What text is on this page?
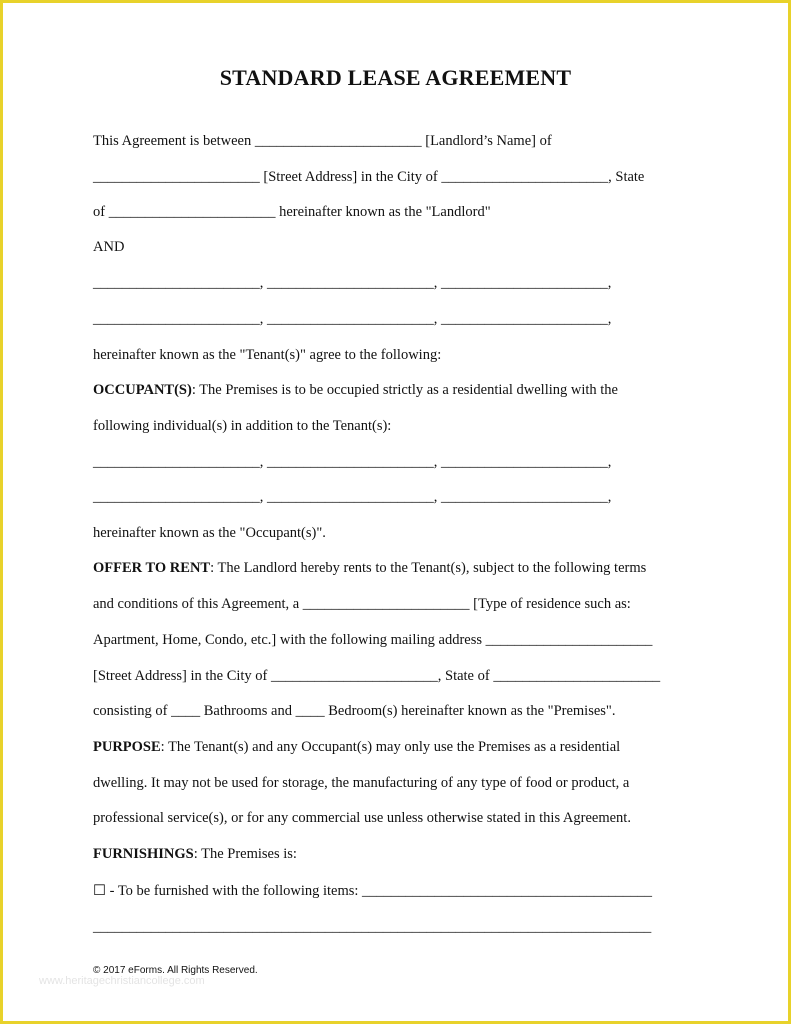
STANDARD LEASE AGREEMENT
This Agreement is between _______________________ [Landlord’s Name] of
_______________________ [Street Address] in the City of _______________________, State
of _______________________ hereinafter known as the "Landlord"
AND
_______________________, _______________________, _______________________,
_______________________, _______________________, _______________________,
hereinafter known as the "Tenant(s)" agree to the following:
OCCUPANT(S): The Premises is to be occupied strictly as a residential dwelling with the
following individual(s) in addition to the Tenant(s):
_______________________, _______________________, _______________________,
_______________________, _______________________, _______________________,
hereinafter known as the "Occupant(s)".
OFFER TO RENT: The Landlord hereby rents to the Tenant(s), subject to the following terms
and conditions of this Agreement, a _______________________ [Type of residence such as:
Apartment, Home, Condo, etc.] with the following mailing address _______________________
[Street Address] in the City of _______________________, State of _______________________
consisting of ____ Bathrooms and ____ Bedroom(s) hereinafter known as the "Premises".
PURPOSE: The Tenant(s) and any Occupant(s) may only use the Premises as a residential
dwelling. It may not be used for storage, the manufacturing of any type of food or product, a
professional service(s), or for any commercial use unless otherwise stated in this Agreement.
FURNISHINGS: The Premises is:
☐ - To be furnished with the following items: ________________________________________
_____________________________________________________________________________
© 2017 eForms. All Rights Reserved.
www.heritagechristiancollege.com
